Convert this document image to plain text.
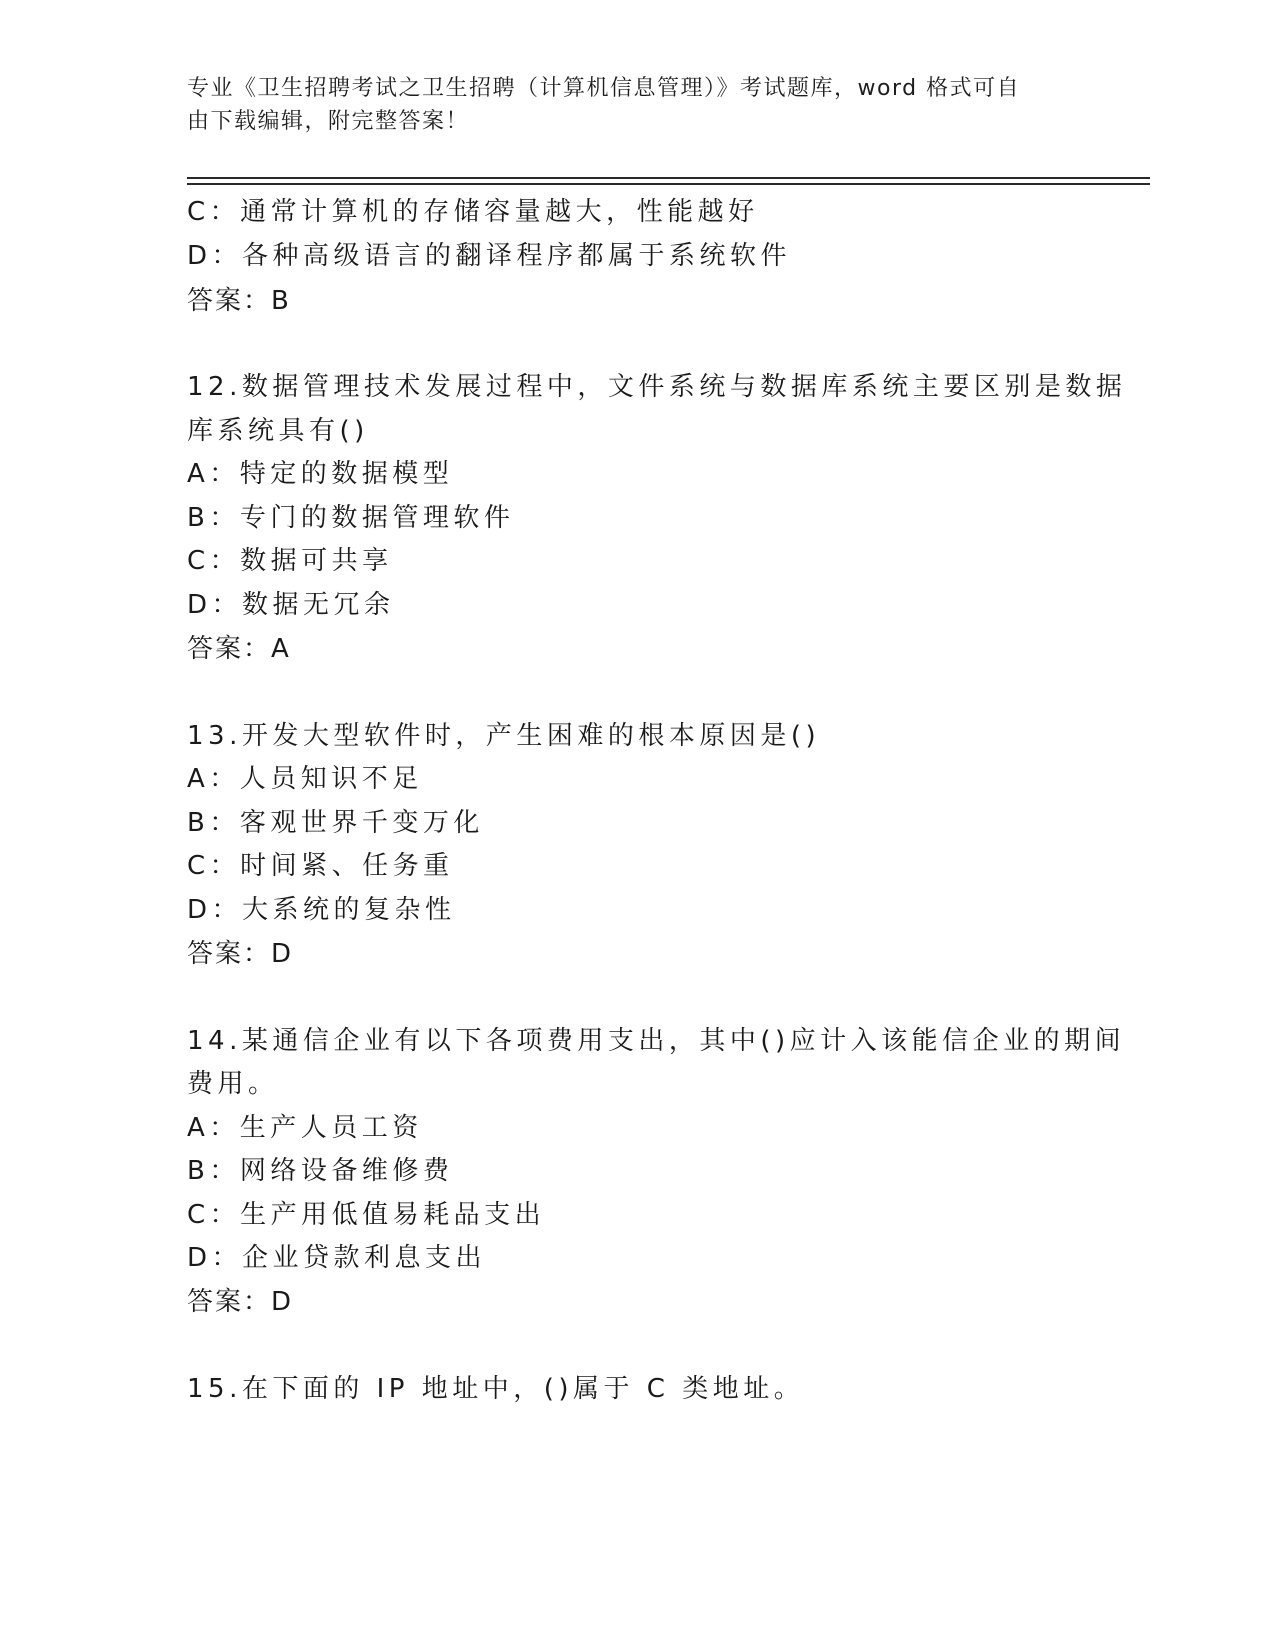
专业《卫生招聘考试之卫生招聘（计算机信息管理）》考试题库，word 格式可自
由下载编辑，附完整答案！
C：通常计算机的存储容量越大，性能越好
D：各种高级语言的翻译程序都属于系统软件
答案：B
12.数据管理技术发展过程中，文件系统与数据库系统主要区别是数据
库系统具有()
A：特定的数据模型
B：专门的数据管理软件
C：数据可共享
D：数据无冗余
答案：A
13.开发大型软件时，产生困难的根本原因是()
A：人员知识不足
B：客观世界千变万化
C：时间紧、任务重
D：大系统的复杂性
答案：D
14.某通信企业有以下各项费用支出，其中()应计入该能信企业的期间
费用。
A：生产人员工资
B：网络设备维修费
C：生产用低值易耗品支出
D：企业贷款利息支出
答案：D
15.在下面的 IP 地址中，()属于 C 类地址。
